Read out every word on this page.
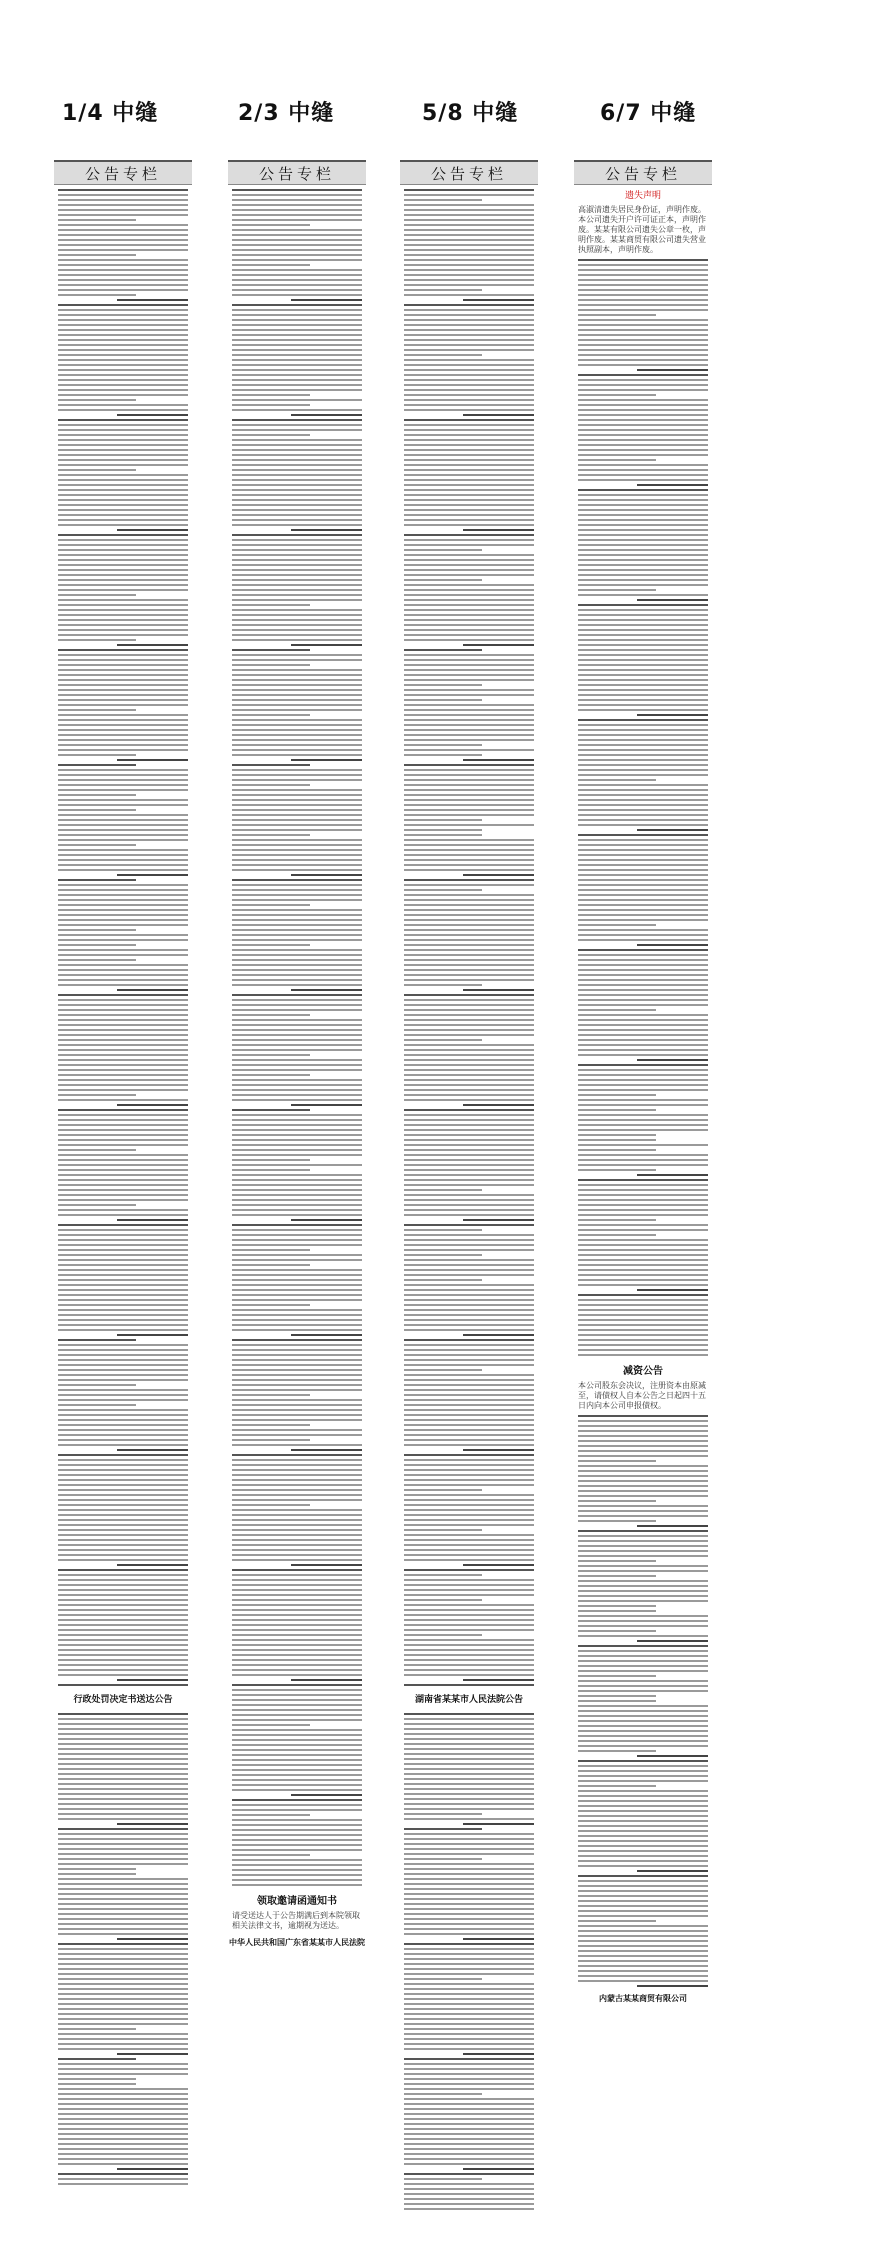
1/4 中缝	2/3 中缝	5/8 中缝	6/7 中缝
公告专栏
行政处罚决定书送达公告
公告专栏
领取邀请函通知书
请受送达人于公告期满后到本院领取相关法律文书，逾期视为送达。
中华人民共和国广东省某某市人民法院
公告专栏
湖南省某某市人民法院公告
公告专栏
遗失声明
高淑清遗失居民身份证，声明作废。本公司遗失开户许可证正本，声明作废。某某有限公司遗失公章一枚，声明作废。某某商贸有限公司遗失营业执照副本，声明作废。
减资公告
本公司股东会决议，注册资本由原减至，请债权人自本公告之日起四十五日内向本公司申报债权。
内蒙古某某商贸有限公司
